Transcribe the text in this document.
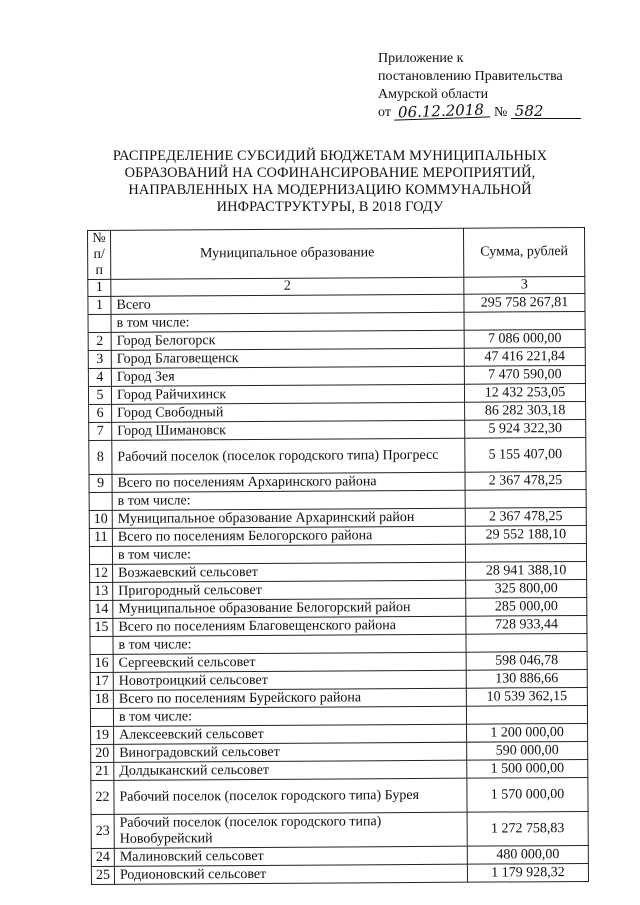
Приложение к
постановлению Правительства
Амурской области
от 06.12.2018 № 582
РАСПРЕДЕЛЕНИЕ СУБСИДИЙ БЮДЖЕТАМ МУНИЦИПАЛЬНЫХ ОБРАЗОВАНИЙ НА СОФИНАНСИРОВАНИЕ МЕРОПРИЯТИЙ, НАПРАВЛЕННЫХ НА МОДЕРНИЗАЦИЮ КОММУНАЛЬНОЙ ИНФРАСТРУКТУРЫ, В 2018 ГОДУ
№ п/п	Муниципальное образование	Сумма, рублей
1	2	3
1	Всего	295 758 267,81
	в том числе:	
2	Город Белогорск	7 086 000,00
3	Город Благовещенск	47 416 221,84
4	Город Зея	7 470 590,00
5	Город Райчихинск	12 432 253,05
6	Город Свободный	86 282 303,18
7	Город Шимановск	5 924 322,30
8	Рабочий поселок (поселок городского типа) Прогресс	5 155 407,00
9	Всего по поселениям Архаринского района	2 367 478,25
	в том числе:	
10	Муниципальное образование Архаринский район	2 367 478,25
11	Всего по поселениям Белогорского района	29 552 188,10
	в том числе:	
12	Возжаевский сельсовет	28 941 388,10
13	Пригородный сельсовет	325 800,00
14	Муниципальное образование Белогорский район	285 000,00
15	Всего по поселениям Благовещенского района	728 933,44
	в том числе:	
16	Сергеевский сельсовет	598 046,78
17	Новотроицкий сельсовет	130 886,66
18	Всего по поселениям Бурейского района	10 539 362,15
	в том числе:	
19	Алексеевский сельсовет	1 200 000,00
20	Виноградовский сельсовет	590 000,00
21	Долдыканский сельсовет	1 500 000,00
22	Рабочий поселок (поселок городского типа) Бурея	1 570 000,00
23	Рабочий поселок (поселок городского типа) Новобурейский	1 272 758,83
24	Малиновский сельсовет	480 000,00
25	Родионовский сельсовет	1 179 928,32
